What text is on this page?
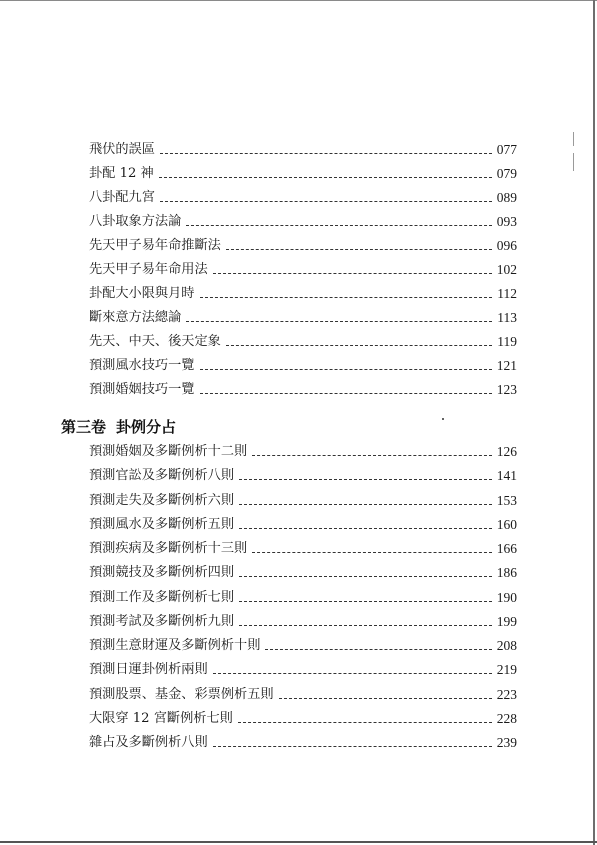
飛伏的誤區	077
卦配 12 神	079
八卦配九宮	089
八卦取象方法論	093
先天甲子易年命推斷法	096
先天甲子易年命用法	102
卦配大小限與月時	112
斷來意方法總論	113
先天、中天、後天定象	119
預測風水技巧一覽	121
預測婚姻技巧一覽	123
第三卷 卦例分占
預測婚姻及多斷例析十二則	126
預測官訟及多斷例析八則	141
預測走失及多斷例析六則	153
預測風水及多斷例析五則	160
預測疾病及多斷例析十三則	166
預測競技及多斷例析四則	186
預測工作及多斷例析七則	190
預測考試及多斷例析九則	199
預測生意財運及多斷例析十則	208
預測日運卦例析兩則	219
預測股票、基金、彩票例析五則	223
大限穿 12 宮斷例析七則	228
雜占及多斷例析八則	239
